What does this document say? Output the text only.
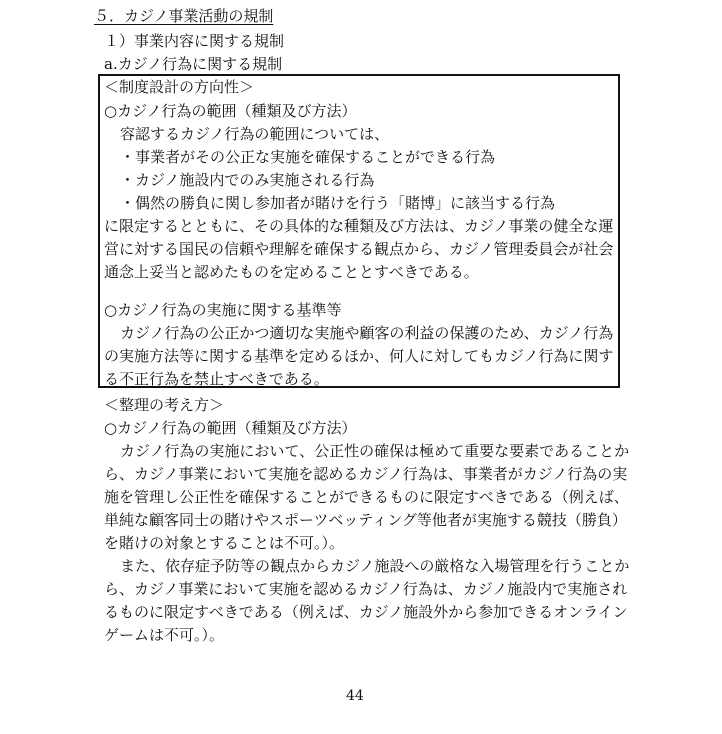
５．カジノ事業活動の規制
１）事業内容に関する規制
a.カジノ行為に関する規制
＜制度設計の方向性＞
○カジノ行為の範囲（種類及び方法）
容認するカジノ行為の範囲については、
・事業者がその公正な実施を確保することができる行為
・カジノ施設内でのみ実施される行為
・偶然の勝負に関し参加者が賭けを行う「賭博」に該当する行為
に限定するとともに、その具体的な種類及び方法は、カジノ事業の健全な運
営に対する国民の信頼や理解を確保する観点から、カジノ管理委員会が社会
通念上妥当と認めたものを定めることとすべきである。
○カジノ行為の実施に関する基準等
カジノ行為の公正かつ適切な実施や顧客の利益の保護のため、カジノ行為
の実施方法等に関する基準を定めるほか、何人に対してもカジノ行為に関す
る不正行為を禁止すべきである。
＜整理の考え方＞
○カジノ行為の範囲（種類及び方法）
カジノ行為の実施において、公正性の確保は極めて重要な要素であることか
ら、カジノ事業において実施を認めるカジノ行為は、事業者がカジノ行為の実
施を管理し公正性を確保することができるものに限定すべきである（例えば、
単純な顧客同士の賭けやスポーツベッティング等他者が実施する競技（勝負）
を賭けの対象とすることは不可。）。
また、依存症予防等の観点からカジノ施設への厳格な入場管理を行うことか
ら、カジノ事業において実施を認めるカジノ行為は、カジノ施設内で実施され
るものに限定すべきである（例えば、カジノ施設外から参加できるオンライン
ゲームは不可。）。
44
